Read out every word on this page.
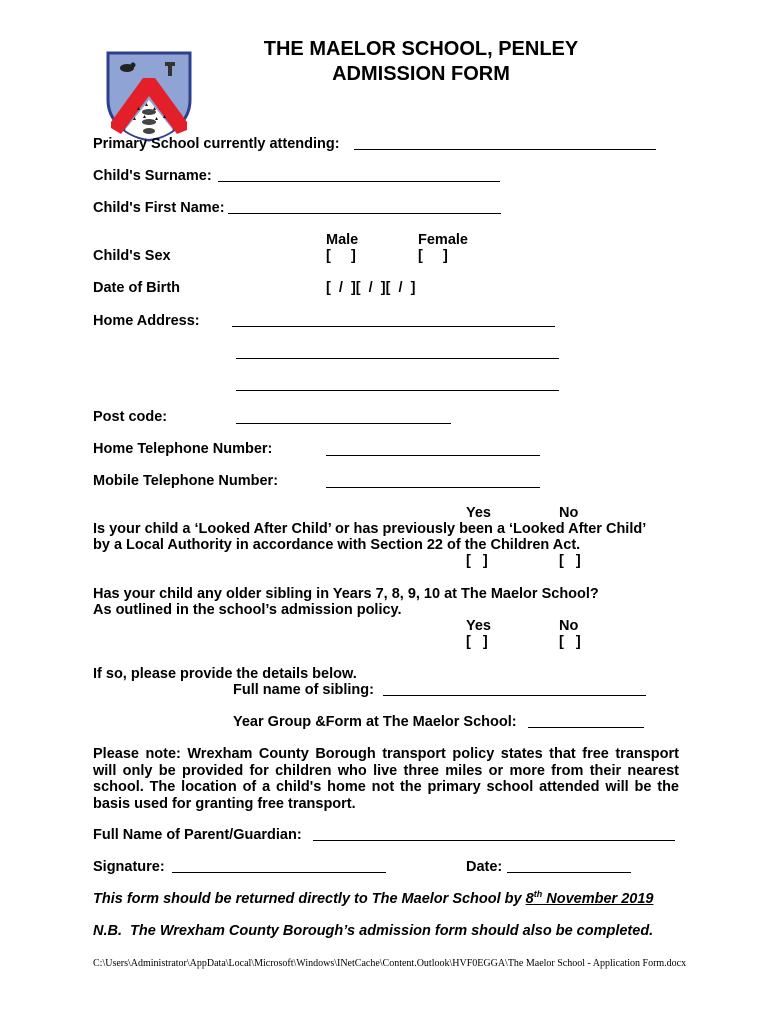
THE MAELOR SCHOOL, PENLEY
ADMISSION FORM
Primary School currently attending:
Child's Surname:
Child's First Name:
Male	Female
Child's Sex	[     ]	[     ]
Date of Birth	[  /  ][  /  ][  /  ]
Home Address:
Post code:
Home Telephone Number:
Mobile Telephone Number:
Yes	No
Is your child a ‘Looked After Child’ or has previously been a ‘Looked After Child’
by a Local Authority in accordance with Section 22 of the Children Act.
[   ]	[   ]
Has your child any older sibling in Years 7, 8, 9, 10 at The Maelor School?
As outlined in the school’s admission policy.
Yes	No
[   ]	[   ]
If so, please provide the details below.
Full name of sibling:
Year Group &Form at The Maelor School:
Please note: Wrexham County Borough transport policy states that free transport will only be provided for children who live three miles or more from their nearest school. The location of a child's home not the primary school attended will be the basis used for granting free transport.
Full Name of Parent/Guardian:
Signature:	Date:
This form should be returned directly to The Maelor School by 8th November 2019
N.B.  The Wrexham County Borough’s admission form should also be completed.
C:\Users\Administrator\AppData\Local\Microsoft\Windows\INetCache\Content.Outlook\HVF0EGGA\The Maelor School - Application Form.docx
